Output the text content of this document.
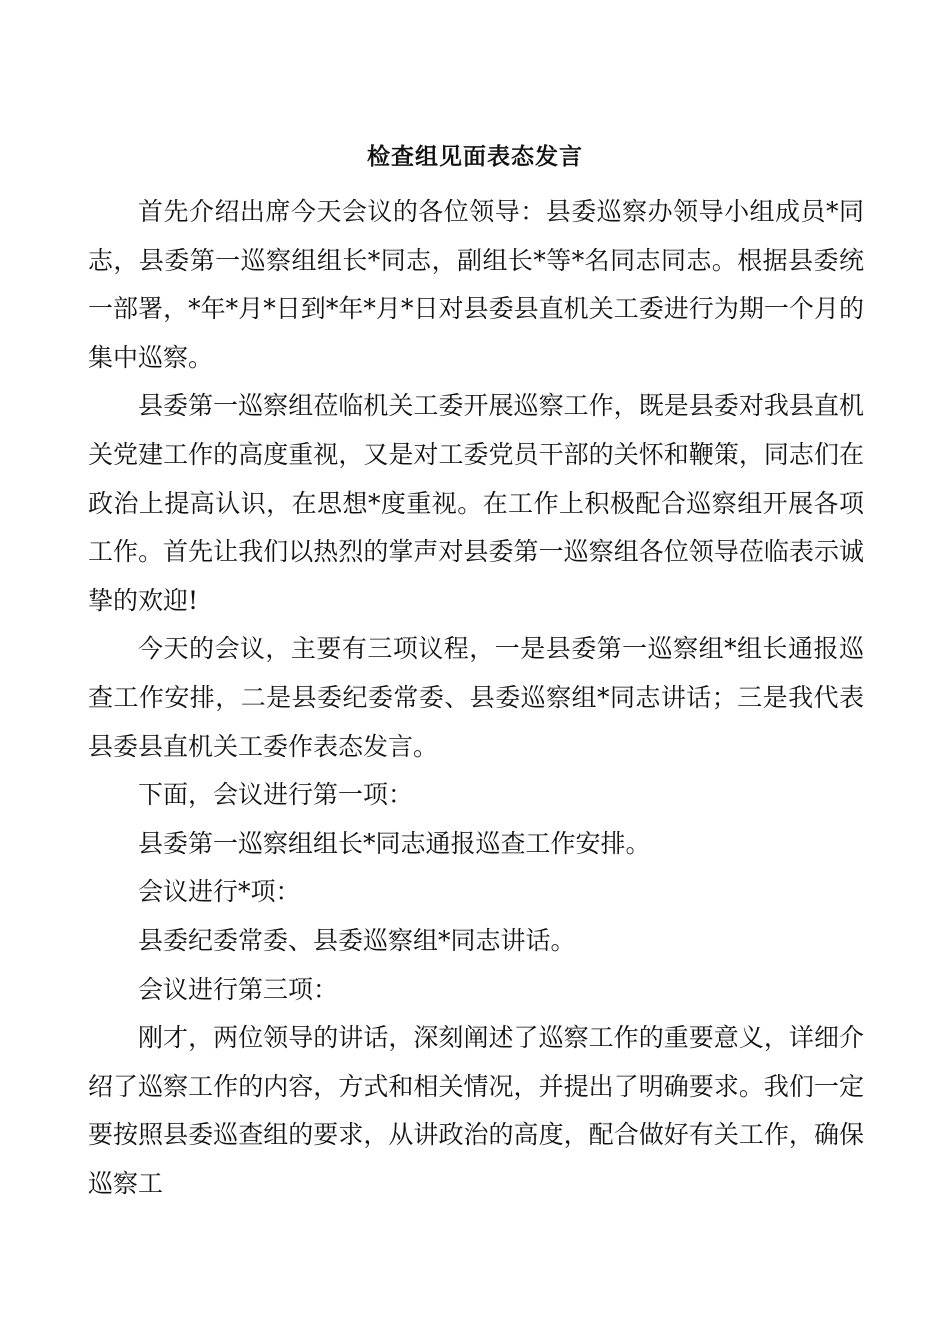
检查组见面表态发言

首先介绍出席今天会议的各位领导：县委巡察办领导小组成员*同志，县委第一巡察组组长*同志，副组长*等*名同志同志。根据县委统一部署，*年*月*日到*年*月*日对县委县直机关工委进行为期一个月的集中巡察。

县委第一巡察组莅临机关工委开展巡察工作，既是县委对我县直机关党建工作的高度重视，又是对工委党员干部的关怀和鞭策，同志们在政治上提高认识，在思想*度重视。在工作上积极配合巡察组开展各项工作。首先让我们以热烈的掌声对县委第一巡察组各位领导莅临表示诚挚的欢迎!

今天的会议，主要有三项议程，一是县委第一巡察组*组长通报巡查工作安排，二是县委纪委常委、县委巡察组*同志讲话；三是我代表县委县直机关工委作表态发言。

下面，会议进行第一项：

县委第一巡察组组长*同志通报巡查工作安排。

会议进行*项：

县委纪委常委、县委巡察组*同志讲话。

会议进行第三项：

刚才，两位领导的讲话，深刻阐述了巡察工作的重要意义，详细介绍了巡察工作的内容，方式和相关情况，并提出了明确要求。我们一定要按照县委巡查组的要求，从讲政治的高度，配合做好有关工作，确保巡察工
